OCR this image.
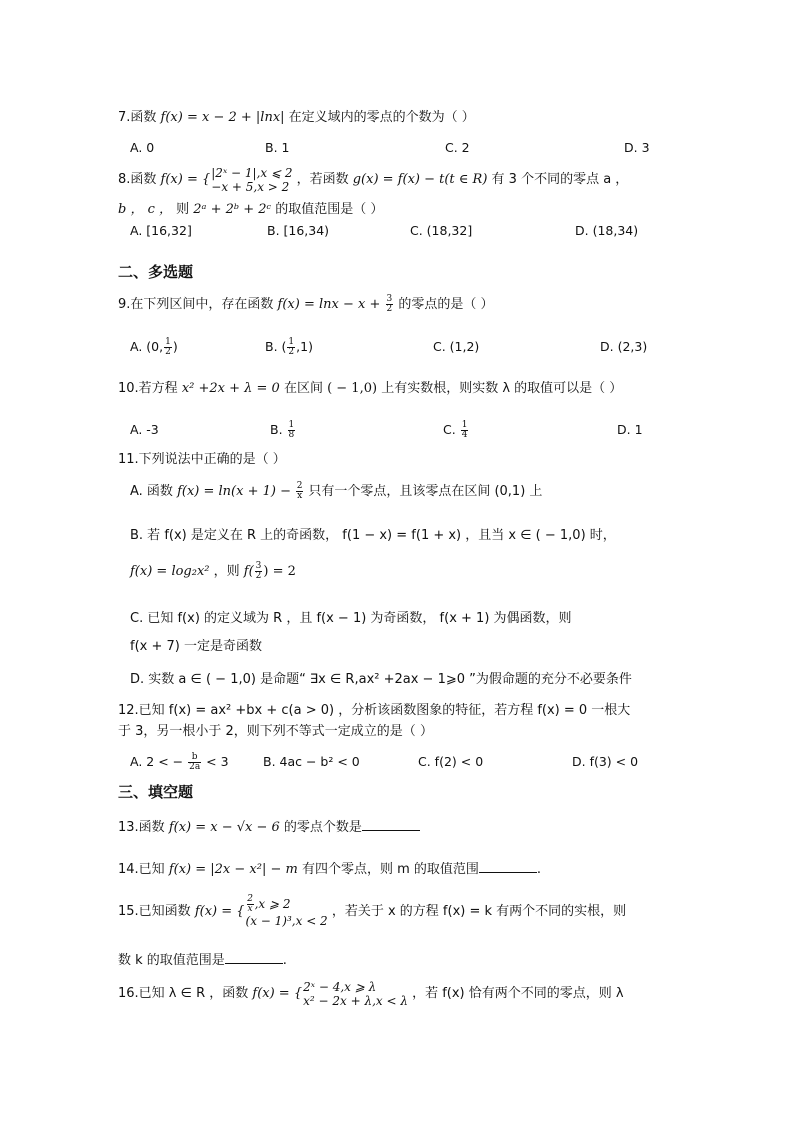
7.函数 f(x) = x − 2 + |lnx| 在定义域内的零点的个数为（ ）
A. 0	B. 1	C. 2	D. 3
8.函数 f(x) = { |2ˣ − 1|,x ⩽ 2
−x + 5,x > 2 ，若函数 g(x) = f(x) − t(t ∈ R) 有 3 个不同的零点 a ，
b ， c ， 则 2ᵃ + 2ᵇ + 2ᶜ 的取值范围是（ ）
A. [16,32]	B. [16,34)	C. (18,32]	D. (18,34)
二、多选题
9.在下列区间中，存在函数 $f(x) = \ln x - x + \frac{3}{2}$ 的零点的是（ ）
A. (0, $\frac{1}{2}$ )	B. ( $\frac{1}{2} ,1$)	C. (1,2)	D. (2,3)
10.若方程 x² +2x + λ = 0 在区间 ( − 1,0) 上有实数根，则实数 λ 的取值可以是（ ）
A. -3	B. $\frac{1}{8}$	C. $\frac{1}{4}$	D. 1
11.下列说法中正确的是（ ）
A. 函数 $f(x) = \ln(x + 1) - \frac{2}{x}$ 只有一个零点，且该零点在区间 (0,1) 上
B. 若 f(x) 是定义在 R 上的奇函数， f(1 − x) = f(1 + x) ，且当 x ∈ ( − 1,0) 时，
f(x) = log₂x² ，则 $f( \frac{3}{2}$ ) = 2
C. 已知 f(x) 的定义域为 R ，且 f(x − 1) 为奇函数， f(x + 1) 为偶函数，则
f(x + 7) 一定是奇函数
D. 实数 a ∈ ( − 1,0) 是命题“ ∃x ∈ R,ax² +2ax − 1⩾0 ”为假命题的充分不必要条件
12.已知 f(x) = ax² +bx + c(a > 0) ，分析该函数图象的特征，若方程 f(x) = 0 一根大
于 3，另一根小于 2，则下列不等式一定成立的是（ ）
A. 2 < − $\frac{b}{2a} < 3$	B. 4ac − b² < 0	C. f(2) < 0	D. f(3) < 0
三、填空题
13.函数 f(x) = x − √x − 6 的零点个数是
14.已知 f(x) = |2x − x²| − m 有四个零点，则 m 的取值范围	.
15.已知函数 f(x) = { $\frac{2}{x} ,x$ ⩾ 2
(x − 1)³,x < 2
，若关于 x 的方程 f(x) = k 有两个不同的实根，则
数 k 的取值范围是	.
16.已知 λ ∈ R ，函数 f(x) = { 2ˣ − 4,x ⩾ λ
x² − 2x + λ,x < λ ，若 f(x) 恰有两个不同的零点，则 λ
